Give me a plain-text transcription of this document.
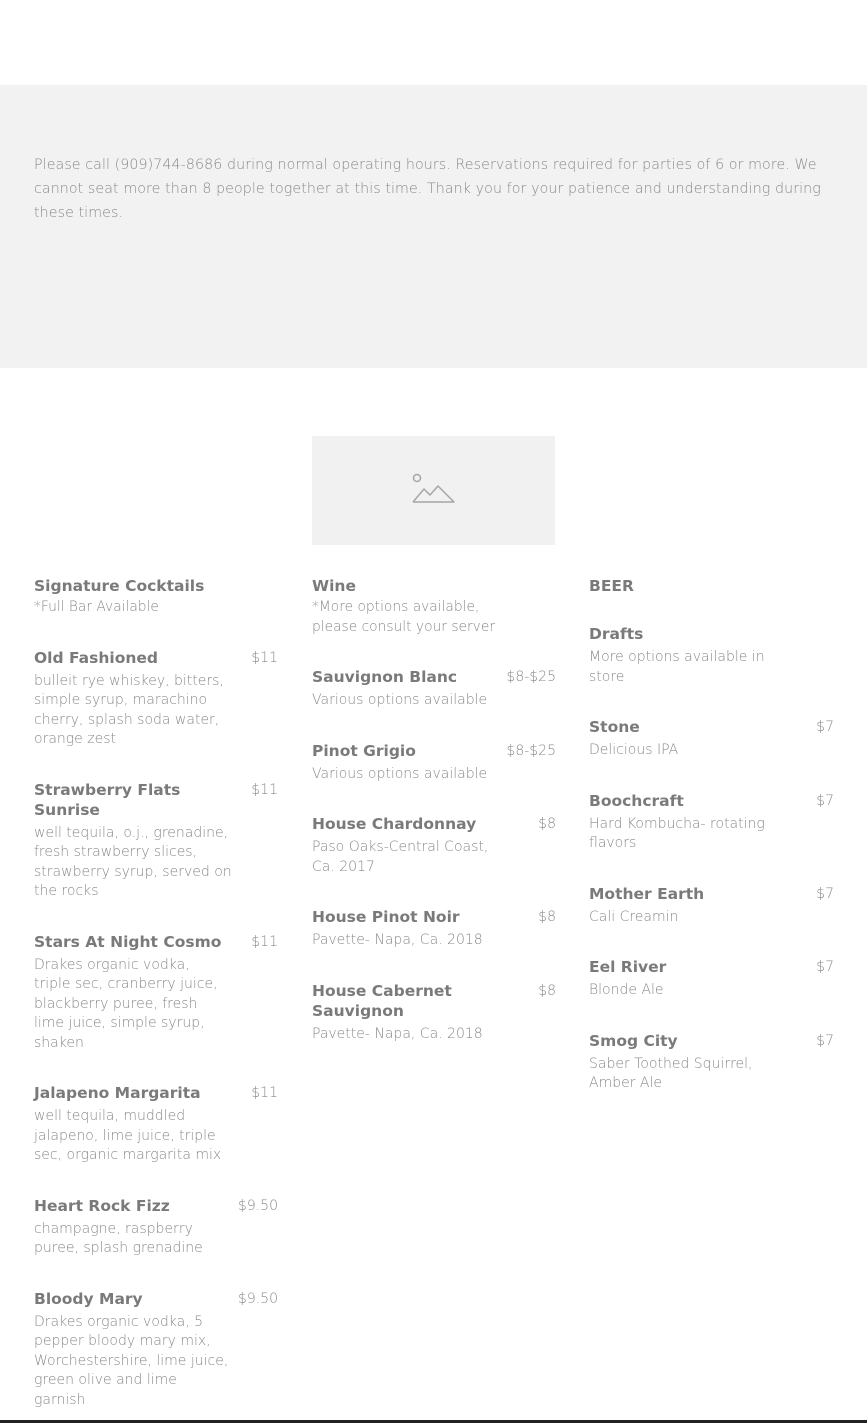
Please call (909)744-8686 during normal operating hours. Reservations required for parties of 6 or more. We cannot seat more than 8 people together at this time. Thank you for your patience and understanding during these times.

Signature Cocktails
*Full Bar Available
Old Fashioned	$11
bulleit rye whiskey, bitters, simple syrup, marachino cherry, splash soda water, orange zest
Strawberry Flats Sunrise
$11
well tequila, o.j., grenadine, fresh strawberry slices, strawberry syrup, served on the rocks
Stars At Night Cosmo $11
Drakes organic vodka, triple sec, cranberry juice, blackberry puree, fresh lime juice, simple syrup, shaken
Jalapeno Margarita	$11
well tequila, muddled jalapeno, lime juice, triple sec, organic margarita mix
Heart Rock Fizz	$9.50
champagne, raspberry puree, splash grenadine
Bloody Mary	$9.50
Drakes organic vodka, 5 pepper bloody mary mix, Worchestershire, lime juice, green olive and lime garnish
Wine
*More options available, please consult your server
Sauvignon Blanc	$8-$25
Various options available
Pinot Grigio	$8-$25
Various options available
House Chardonnay	$8
Paso Oaks-Central Coast, Ca. 2017
House Pinot Noir	$8
Pavette- Napa, Ca. 2018
House Cabernet Sauvignon
$8
Pavette- Napa, Ca. 2018
BEER
Drafts
More options available in store
Stone	$7
Delicious IPA
Boochcraft	$7
Hard Kombucha- rotating flavors
Mother Earth	$7
Cali Creamin
Eel River	$7
Blonde Ale
Smog City	$7
Saber Toothed Squirrel, Amber Ale
